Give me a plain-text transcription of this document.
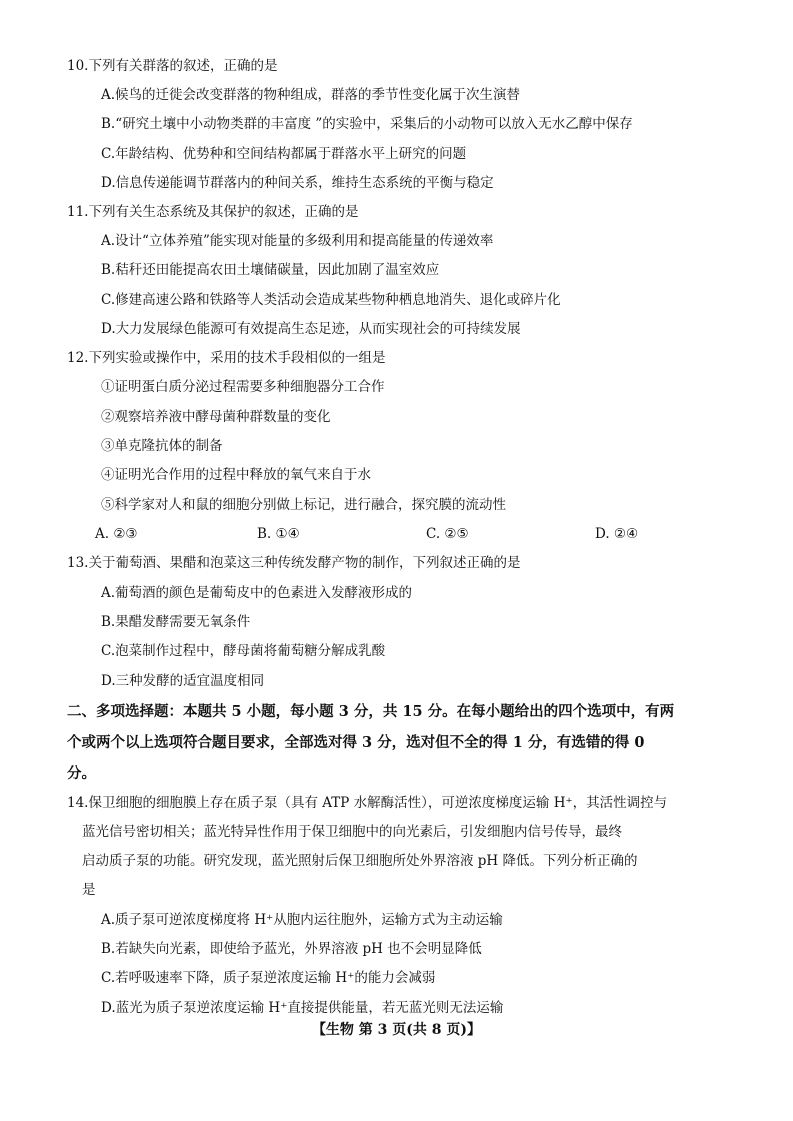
10.下列有关群落的叙述，正确的是
A.候鸟的迁徙会改变群落的物种组成，群落的季节性变化属于次生演替
B.“研究土壤中小动物类群的丰富度 ”的实验中，采集后的小动物可以放入无水乙醇中保存
C.年龄结构、优势种和空间结构都属于群落水平上研究的问题
D.信息传递能调节群落内的种间关系，维持生态系统的平衡与稳定
11.下列有关生态系统及其保护的叙述，正确的是
A.设计“立体养殖”能实现对能量的多级利用和提高能量的传递效率
B.秸秆还田能提高农田土壤储碳量，因此加剧了温室效应
C.修建高速公路和铁路等人类活动会造成某些物种栖息地消失、退化或碎片化
D.大力发展绿色能源可有效提高生态足迹，从而实现社会的可持续发展
12.下列实验或操作中，采用的技术手段相似的一组是
①证明蛋白质分泌过程需要多种细胞器分工合作
②观察培养液中酵母菌种群数量的变化
③单克隆抗体的制备
④证明光合作用的过程中释放的氧气来自于水
⑤科学家对人和鼠的细胞分别做上标记，进行融合，探究膜的流动性
A. ②③	B. ①④	C. ②⑤	D. ②④
13.关于葡萄酒、果醋和泡菜这三种传统发酵产物的制作，下列叙述正确的是
A.葡萄酒的颜色是葡萄皮中的色素进入发酵液形成的
B.果醋发酵需要无氧条件
C.泡菜制作过程中，酵母菌将葡萄糖分解成乳酸
D.三种发酵的适宜温度相同
二、多项选择题：本题共 5 小题，每小题 3 分，共 15 分。在每小题给出的四个选项中，有两
个或两个以上选项符合题目要求，全部选对得 3 分，选对但不全的得 1 分，有选错的得 0
分。
14.保卫细胞的细胞膜上存在质子泵（具有 ATP 水解酶活性），可逆浓度梯度运输 H⁺，其活性调控与
蓝光信号密切相关；蓝光特异性作用于保卫细胞中的向光素后，引发细胞内信号传导，最终
启动质子泵的功能。研究发现，蓝光照射后保卫细胞所处外界溶液 pH 降低。下列分析正确的
是
A.质子泵可逆浓度梯度将 H⁺从胞内运往胞外，运输方式为主动运输
B.若缺失向光素，即使给予蓝光，外界溶液 pH 也不会明显降低
C.若呼吸速率下降，质子泵逆浓度运输 H⁺的能力会减弱
D.蓝光为质子泵逆浓度运输 H⁺直接提供能量，若无蓝光则无法运输
【生物 第 3 页(共 8 页)】
